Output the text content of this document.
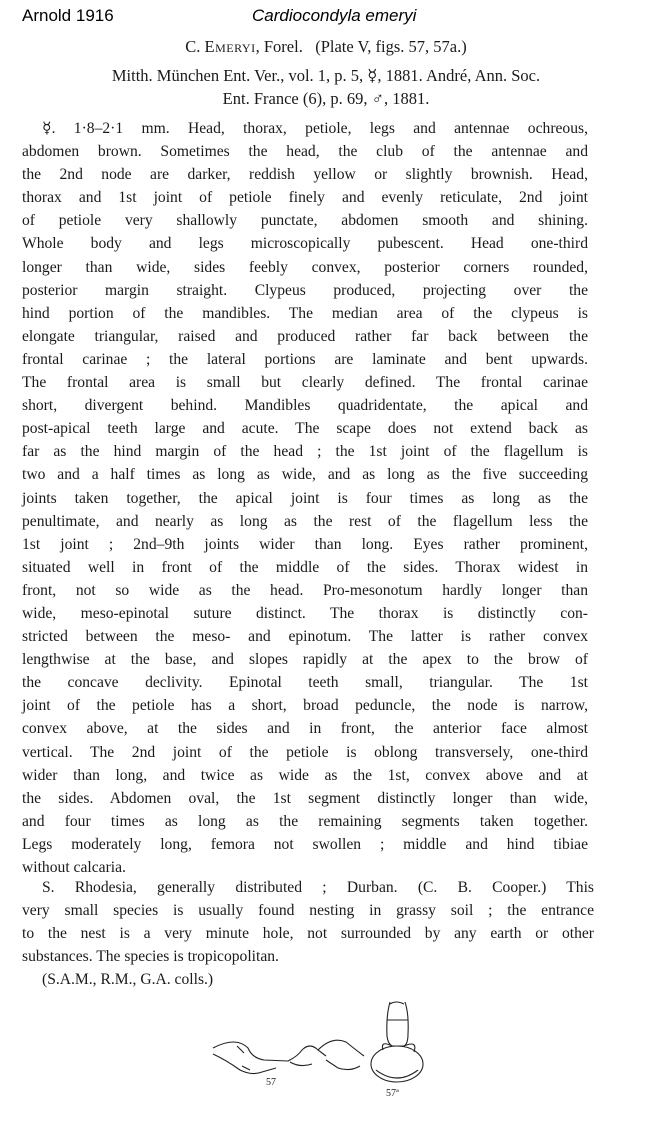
Arnold 1916	Cardiocondyla emeryi
C. Emeryi, Forel. (Plate V, figs. 57, 57a.)
Mitth. München Ent. Ver., vol. 1, p. 5, ☿, 1881. André, Ann. Soc.
Ent. France (6), p. 69, ♂, 1881.
☿. 1·8–2·1 mm. Head, thorax, petiole, legs and antennae ochreous,
abdomen brown. Sometimes the head, the club of the antennae and
the 2nd node are darker, reddish yellow or slightly brownish. Head,
thorax and 1st joint of petiole finely and evenly reticulate, 2nd joint
of petiole very shallowly punctate, abdomen smooth and shining.
Whole body and legs microscopically pubescent. Head one-third
longer than wide, sides feebly convex, posterior corners rounded,
posterior margin straight. Clypeus produced, projecting over the
hind portion of the mandibles. The median area of the clypeus is
elongate triangular, raised and produced rather far back between the
frontal carinae ; the lateral portions are laminate and bent upwards.
The frontal area is small but clearly defined. The frontal carinae
short, divergent behind. Mandibles quadridentate, the apical and
post-apical teeth large and acute. The scape does not extend back as
far as the hind margin of the head ; the 1st joint of the flagellum is
two and a half times as long as wide, and as long as the five succeeding
joints taken together, the apical joint is four times as long as the
penultimate, and nearly as long as the rest of the flagellum less the
1st joint ; 2nd–9th joints wider than long. Eyes rather prominent,
situated well in front of the middle of the sides. Thorax widest in
front, not so wide as the head. Pro-mesonotum hardly longer than
wide, meso-epinotal suture distinct. The thorax is distinctly con-
stricted between the meso- and epinotum. The latter is rather convex
lengthwise at the base, and slopes rapidly at the apex to the brow of
the concave declivity. Epinotal teeth small, triangular. The 1st
joint of the petiole has a short, broad peduncle, the node is narrow,
convex above, at the sides and in front, the anterior face almost
vertical. The 2nd joint of the petiole is oblong transversely, one-third
wider than long, and twice as wide as the 1st, convex above and at
the sides. Abdomen oval, the 1st segment distinctly longer than wide,
and four times as long as the remaining segments taken together.
Legs moderately long, femora not swollen ; middle and hind tibiae
without calcaria.
S. Rhodesia, generally distributed ; Durban. (C. B. Cooper.) This
very small species is usually found nesting in grassy soil ; the entrance
to the nest is a very minute hole, not surrounded by any earth or other
substances. The species is tropicopolitan.
(S.A.M., R.M., G.A. colls.)
57
57ª
